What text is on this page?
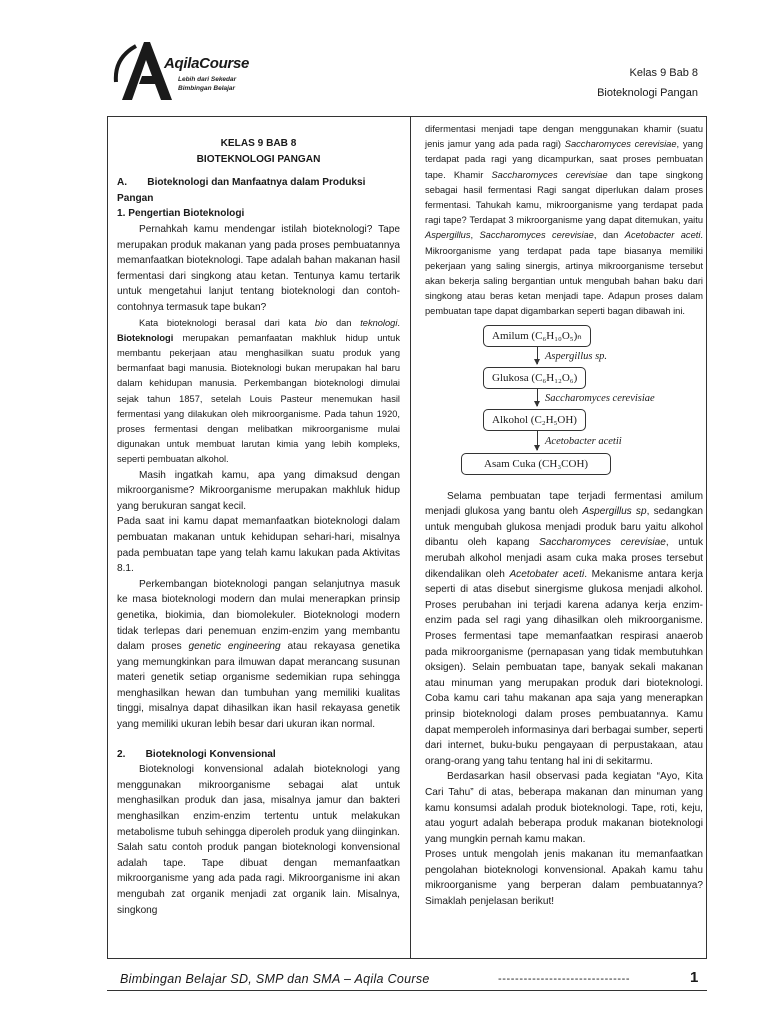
AqilaCourse
Lebih dari Sekedar
Bimbingan Belajar
Kelas 9 Bab 8
Bioteknologi Pangan

KELAS 9 BAB 8

BIOTEKNOLOGI PANGAN

A.  Bioteknologi dan Manfaatnya dalam Produksi Pangan

1. Pengertian Bioteknologi

Pernahkah kamu mendengar istilah bioteknologi? Tape merupakan produk makanan yang pada proses pembuatannya memanfaatkan bioteknologi. Tape adalah bahan makanan hasil fermentasi dari singkong atau ketan. Tentunya kamu tertarik untuk mengetahui lanjut tentang bioteknologi dan contoh-contohnya termasuk tape bukan?

Kata bioteknologi berasal dari kata bio dan teknologi. Bioteknologi merupakan pemanfaatan makhluk hidup untuk membantu pekerjaan atau menghasilkan suatu produk yang bermanfaat bagi manusia. Bioteknologi bukan merupakan hal baru dalam kehidupan manusia. Perkembangan bioteknologi dimulai sejak tahun 1857, setelah Louis Pasteur menemukan hasil fermentasi yang dilakukan oleh mikroorganisme. Pada tahun 1920, proses fermentasi dengan melibatkan mikroorganisme mulai digunakan untuk membuat larutan kimia yang lebih kompleks, seperti pembuatan alkohol.

Masih ingatkah kamu, apa yang dimaksud dengan mikroorganisme? Mikroorganisme merupakan makhluk hidup yang berukuran sangat kecil.

Pada saat ini kamu dapat memanfaatkan bioteknologi dalam pembuatan makanan untuk kehidupan sehari-hari, misalnya pada pembuatan tape yang telah kamu lakukan pada Aktivitas 8.1.

Perkembangan bioteknologi pangan selanjutnya masuk ke masa bioteknologi modern dan mulai menerapkan prinsip genetika, biokimia, dan biomolekuler. Bioteknologi modern tidak terlepas dari penemuan enzim-enzim yang membantu dalam proses genetic engineering atau rekayasa genetika yang memungkinkan para ilmuwan dapat merancang susunan materi genetik setiap organisme sedemikian rupa sehingga menghasilkan hewan dan tumbuhan yang memiliki kualitas tinggi, misalnya dapat dihasilkan ikan hasil rekayasa genetik yang memiliki ukuran lebih besar dari ukuran ikan normal.

2.  Bioteknologi Konvensional

Bioteknologi konvensional adalah bioteknologi yang menggunakan mikroorganisme sebagai alat untuk menghasilkan produk dan jasa, misalnya jamur dan bakteri menghasilkan enzim-enzim tertentu untuk melakukan metabolisme tubuh sehingga diperoleh produk yang diinginkan. Salah satu contoh produk pangan bioteknologi konvensional adalah tape. Tape dibuat dengan memanfaatkan mikroorganisme yang ada pada ragi. Mikroorganisme ini akan mengubah zat organik menjadi zat organik lain. Misalnya, singkong

difermentasi menjadi tape dengan menggunakan khamir (suatu jenis jamur yang ada pada ragi) Saccharomyces cerevisiae, yang terdapat pada ragi yang dicampurkan, saat proses pembuatan tape. Khamir Saccharomyces cerevisiae dan tape singkong sebagai hasil fermentasi Ragi sangat diperlukan dalam proses fermentasi. Tahukah kamu, mikroorganisme yang terdapat pada ragi tape? Terdapat 3 mikroorganisme yang dapat ditemukan, yaitu Aspergillus, Saccharomyces cerevisiae, dan Acetobacter aceti. Mikroorganisme yang terdapat pada tape biasanya memiliki pekerjaan yang saling sinergis, artinya mikroorganisme tersebut akan bekerja saling bergantian untuk mengubah bahan baku dari singkong atau beras ketan menjadi tape. Adapun proses dalam pembuatan tape dapat digambarkan seperti bagan dibawah ini.

Amilum (C₆H₁₀O₅)ₙ
Aspergillus sp.
Glukosa (C₆H₁₂O₆)
Saccharomyces cerevisiae
Alkohol (C₂H₅OH)
Acetobacter acetii
Asam Cuka (CH₃COH)

Selama pembuatan tape terjadi fermentasi amilum menjadi glukosa yang bantu oleh Aspergillus sp, sedangkan untuk mengubah glukosa menjadi produk baru yaitu alkohol dibantu oleh kapang Saccharomyces cerevisiae, untuk merubah alkohol menjadi asam cuka maka proses tersebut dikendalikan oleh Acetobater aceti. Mekanisme antara kerja seperti di atas disebut sinergisme glukosa menjadi alkohol. Proses perubahan ini terjadi karena adanya kerja enzim-enzim pada sel ragi yang dihasilkan oleh mikroorganisme. Proses fermentasi tape memanfaatkan respirasi anaerob pada mikroorganisme (pernapasan yang tidak membutuhkan oksigen). Selain pembuatan tape, banyak sekali makanan atau minuman yang merupakan produk dari bioteknologi. Coba kamu cari tahu makanan apa saja yang menerapkan prinsip bioteknologi dalam proses pembuatannya. Kamu dapat memperoleh informasinya dari berbagai sumber, seperti dari internet, buku-buku pengayaan di perpustakaan, atau orang-orang yang tahu tentang hal ini di sekitarmu.

Berdasarkan hasil observasi pada kegiatan “Ayo, Kita Cari Tahu” di atas, beberapa makanan dan minuman yang kamu konsumsi adalah produk bioteknologi. Tape, roti, keju, atau yogurt adalah beberapa produk makanan bioteknologi yang mungkin pernah kamu makan.

Proses untuk mengolah jenis makanan itu memanfaatkan pengolahan bioteknologi konvensional. Apakah kamu tahu mikroorganisme yang berperan dalam pembuatannya? Simaklah penjelasan berikut!

Bimbingan Belajar SD, SMP dan SMA – Aqila Course	-------------------------------	1
